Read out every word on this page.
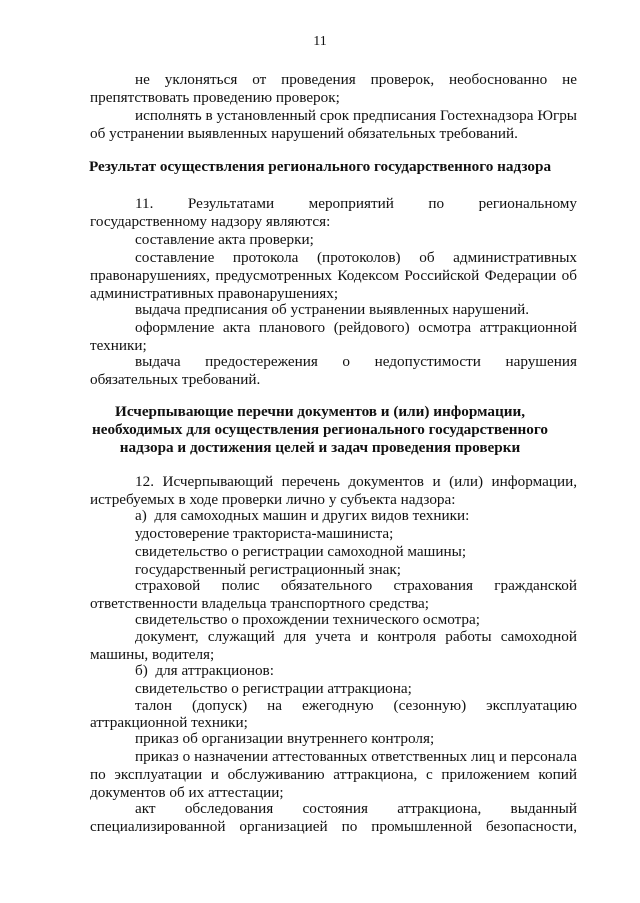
11
не уклоняться от проведения проверок, необоснованно не
препятствовать проведению проверок;
исполнять в установленный срок предписания Гостехнадзора Югры
об устранении выявленных нарушений обязательных требований.
Результат осуществления регионального государственного надзора
11. Результатами мероприятий по региональному
государственному надзору являются:
составление акта проверки;
составление протокола (протоколов) об административных
правонарушениях, предусмотренных Кодексом Российской Федерации об
административных правонарушениях;
выдача предписания об устранении выявленных нарушений.
оформление акта планового (рейдового) осмотра аттракционной
техники;
выдача предостережения о недопустимости нарушения
обязательных требований.
Исчерпывающие перечни документов и (или) информации,
необходимых для осуществления регионального государственного
надзора и достижения целей и задач проведения проверки
12. Исчерпывающий перечень документов и (или) информации,
истребуемых в ходе проверки лично у субъекта надзора:
а)  для самоходных машин и других видов техники:
удостоверение тракториста-машиниста;
свидетельство о регистрации самоходной машины;
государственный регистрационный знак;
страховой полис обязательного страхования гражданской
ответственности владельца транспортного средства;
свидетельство о прохождении технического осмотра;
документ, служащий для учета и контроля работы самоходной
машины, водителя;
б)  для аттракционов:
свидетельство о регистрации аттракциона;
талон (допуск) на ежегодную (сезонную) эксплуатацию
аттракционной техники;
приказ об организации внутреннего контроля;
приказ о назначении аттестованных ответственных лиц и персонала
по эксплуатации и обслуживанию аттракциона, с приложением копий
документов об их аттестации;
акт обследования состояния аттракциона, выданный
специализированной организацией по промышленной безопасности,
